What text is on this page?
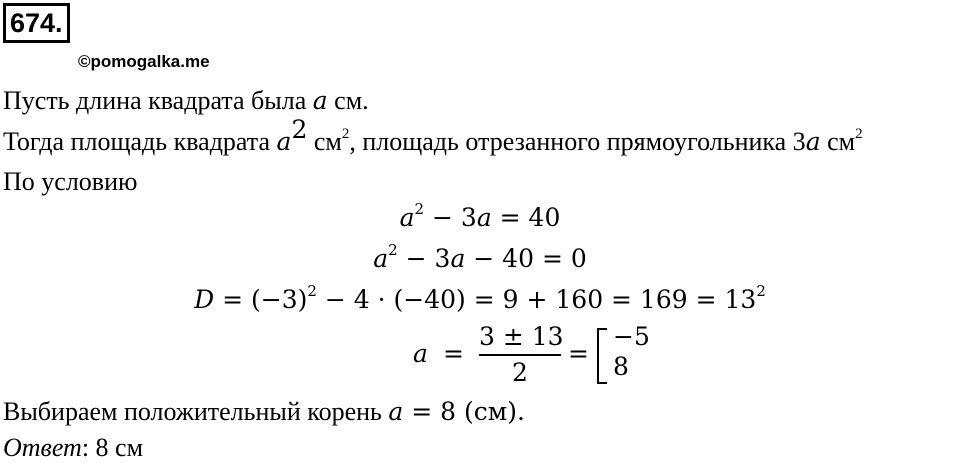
674.
©pomogalka.me
Пусть длина квадрата была a см.
Тогда площадь квадрата $a^2$ $см^2$, площадь отрезанного прямоугольника 3a $см^2$
По условию
$a^2 - 3a = 40$
$a^2 - 3a - 40 = 0$
$D = (-3)^2 - 4 \cdot (-40) = 9 + 160 = 169 = 13^2$
a =
3 ± 13
2
=
−5
8
Выбираем положительный корень a = 8 (см).
Ответ: 8 см
